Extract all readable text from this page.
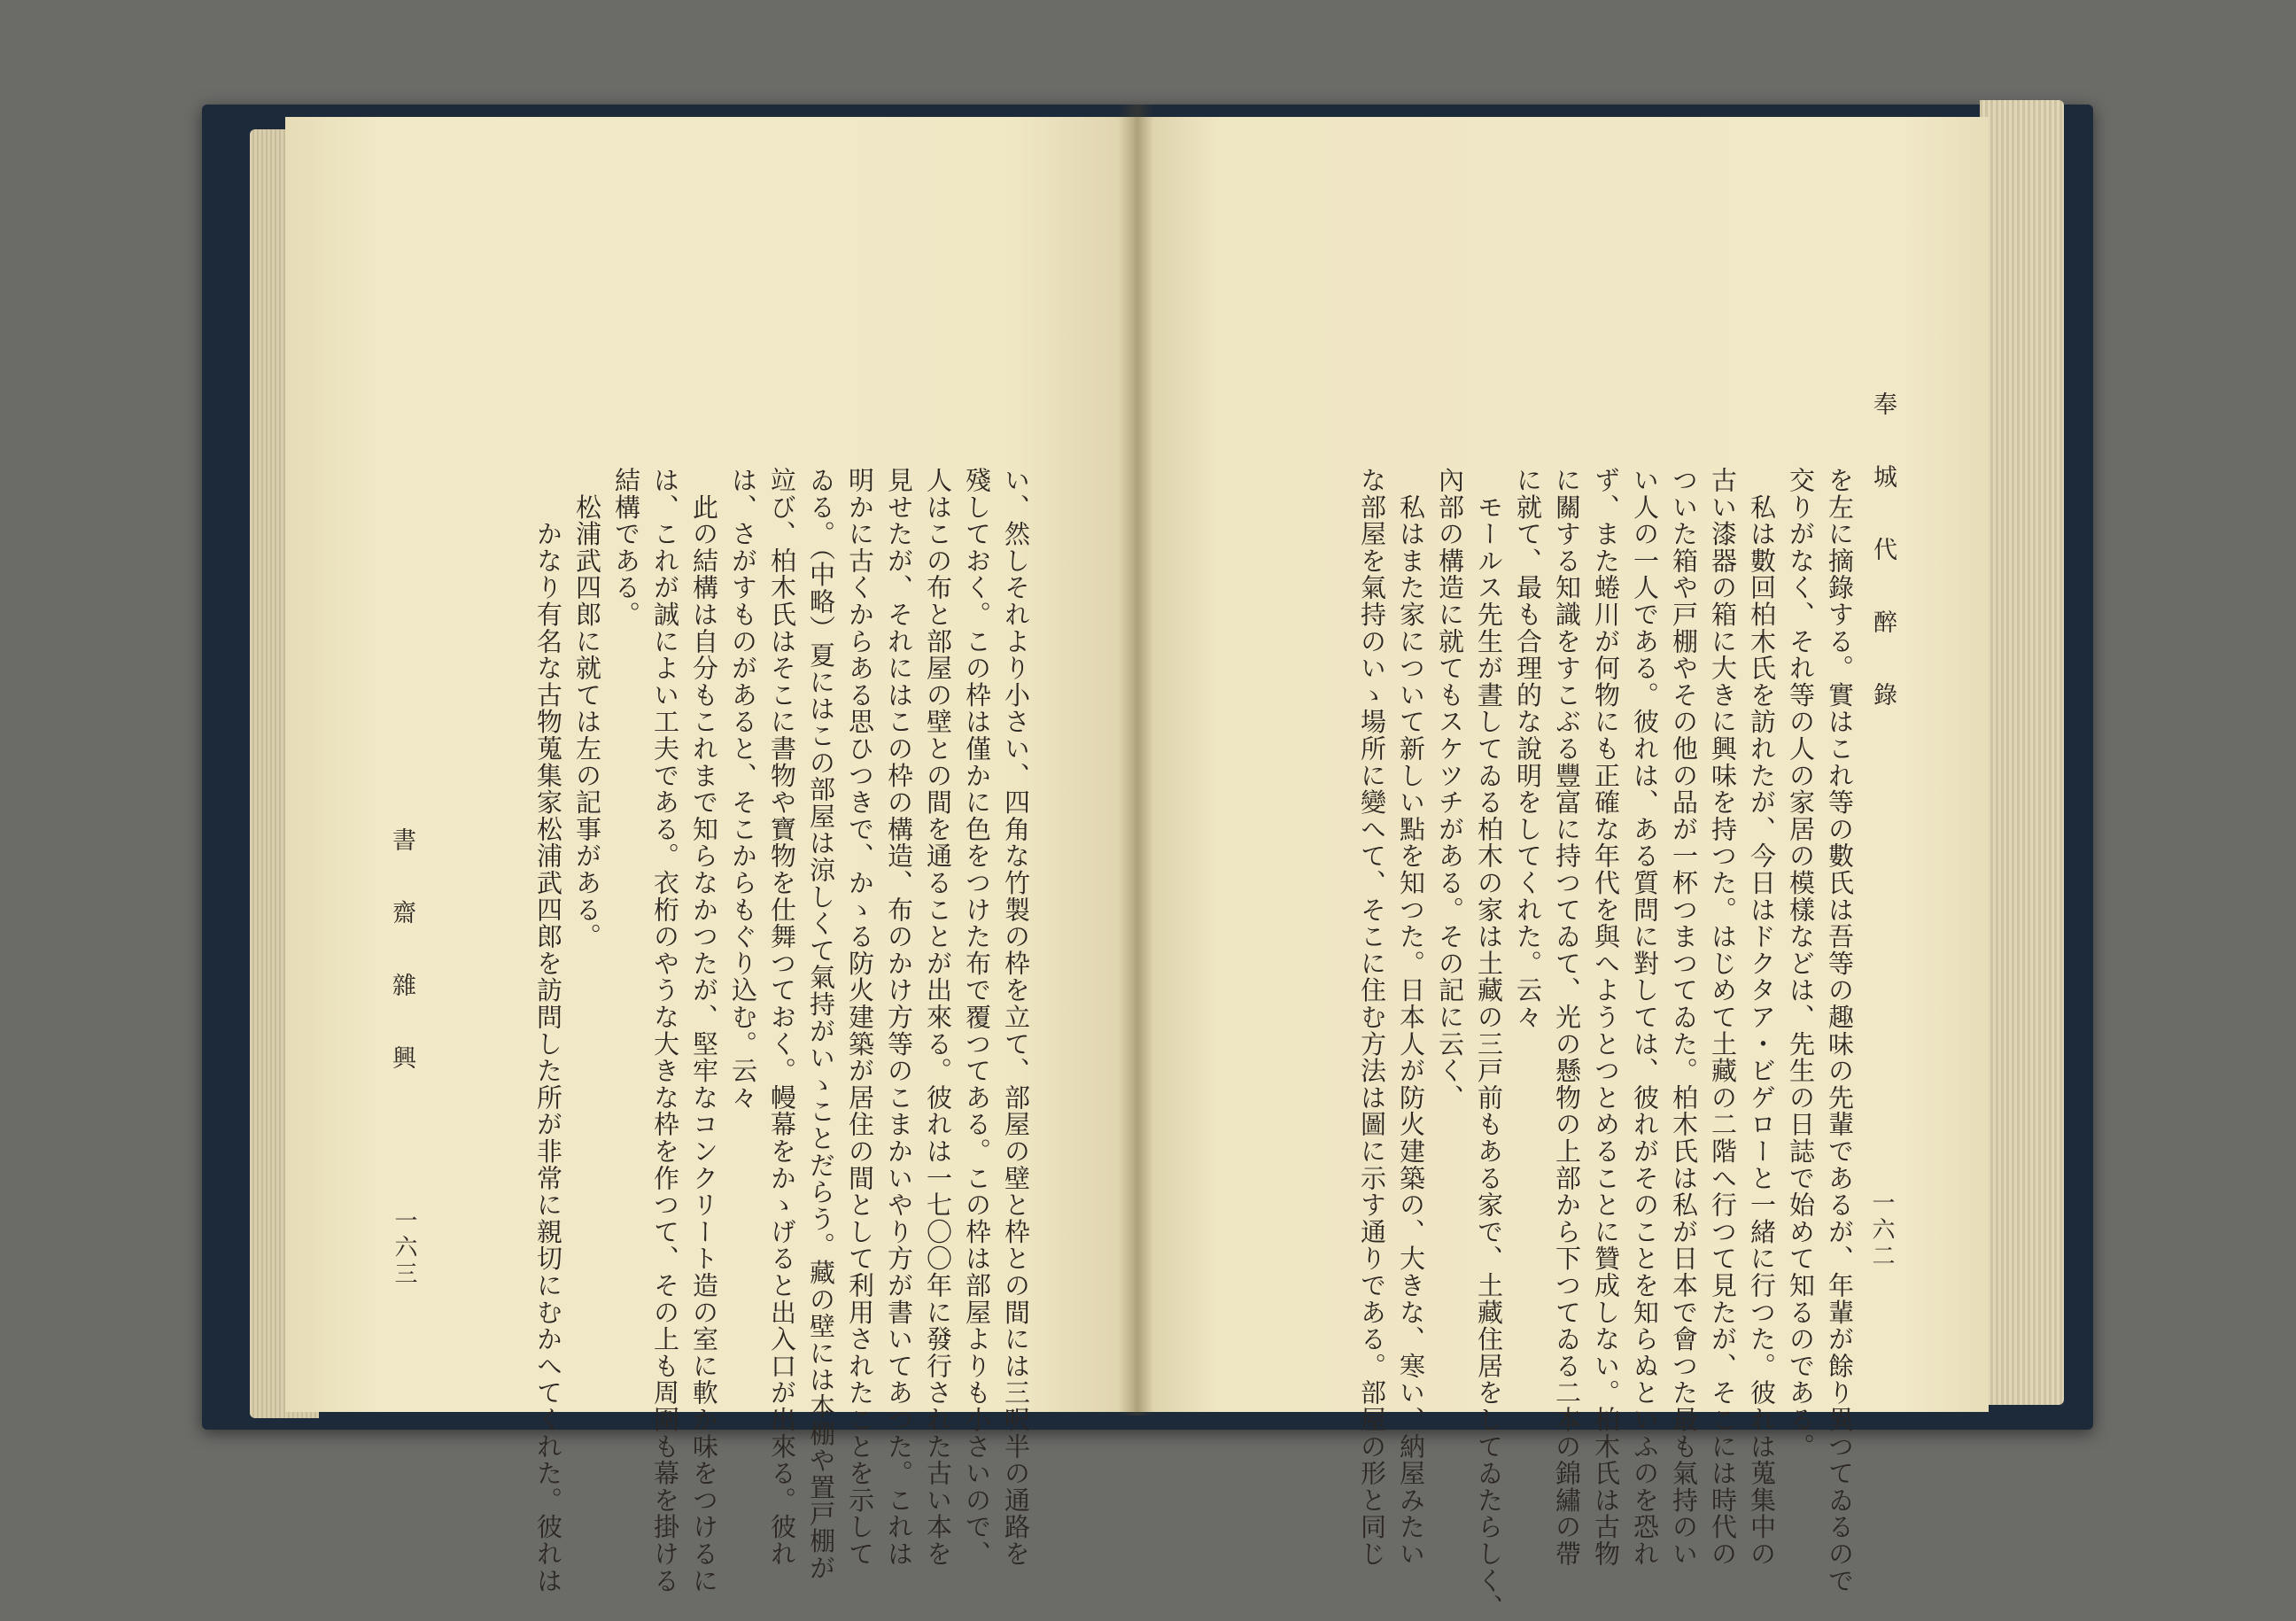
書 齋 雜 興
一六三	い、然しそれより小さい、四角な竹製の枠を立て、部屋の壁と枠との間には三呎半の通路を
殘しておく。この枠は僅かに色をつけた布で覆つてある。この枠は部屋よりも小さいので、
人はこの布と部屋の壁との間を通ることが出來る。彼れは一七〇〇年に發行された古い本を
見せたが、それにはこの枠の構造、布のかけ方等のこまかいやり方が書いてあつた。これは
明かに古くからある思ひつきで、かゝる防火建築が居住の間として利用されたことを示して
ゐる。（中略）夏にはこの部屋は涼しくて氣持がいゝことだらう。藏の壁には本棚や置戸棚が
竝び、柏木氏はそこに書物や寶物を仕舞つておく。幔幕をかゝげると出入口が出來る。彼れ
は、さがすものがあると、そこからもぐり込む。云々
　此の結構は自分もこれまで知らなかつたが、堅牢なコンクリート造の室に軟か味をつけるに
は、これが誠によい工夫である。衣桁のやうな大きな枠を作つて、その上も周圍も幕を掛ける
結構である。
　松浦武四郎に就ては左の記事がある。
　　かなり有名な古物蒐集家松浦武四郎を訪問した所が非常に親切にむかへてくれた。彼れは	奉 城 代 醉 錄
一六二
を左に摘錄する。實はこれ等の數氏は吾等の趣味の先輩であるが、年輩が餘り異つてゐるので
交りがなく、それ等の人の家居の模樣などは、先生の日誌で始めて知るのである。
　私は數回柏木氏を訪れたが、今日はドクタア・ビゲローと一緒に行つた。彼れは蒐集中の
古い漆器の箱に大きに興味を持つた。はじめて土藏の二階へ行つて見たが、そこには時代の
ついた箱や戸棚やその他の品が一杯つまつてゐた。柏木氏は私が日本で會つた最も氣持のい
い人の一人である。彼れは、ある質問に對しては、彼れがそのことを知らぬといふのを恐れ
ず、また蜷川が何物にも正確な年代を與へようとつとめることに贊成しない。柏木氏は古物
に關する知識をすこぶる豐富に持つてゐて、光の懸物の上部から下つてゐる二本の錦繡の帶
に就て、最も合理的な說明をしてくれた。云々
　モールス先生が晝してゐる柏木の家は土藏の三戸前もある家で、土藏住居をしてゐたらしく、
內部の構造に就てもスケツチがある。その記に云く、
　私はまた家について新しい點を知つた。日本人が防火建築の、大きな、寒い、納屋みたい
な部屋を氣持のいゝ場所に變へて、そこに住む方法は圖に示す通りである。部屋の形と同じ
